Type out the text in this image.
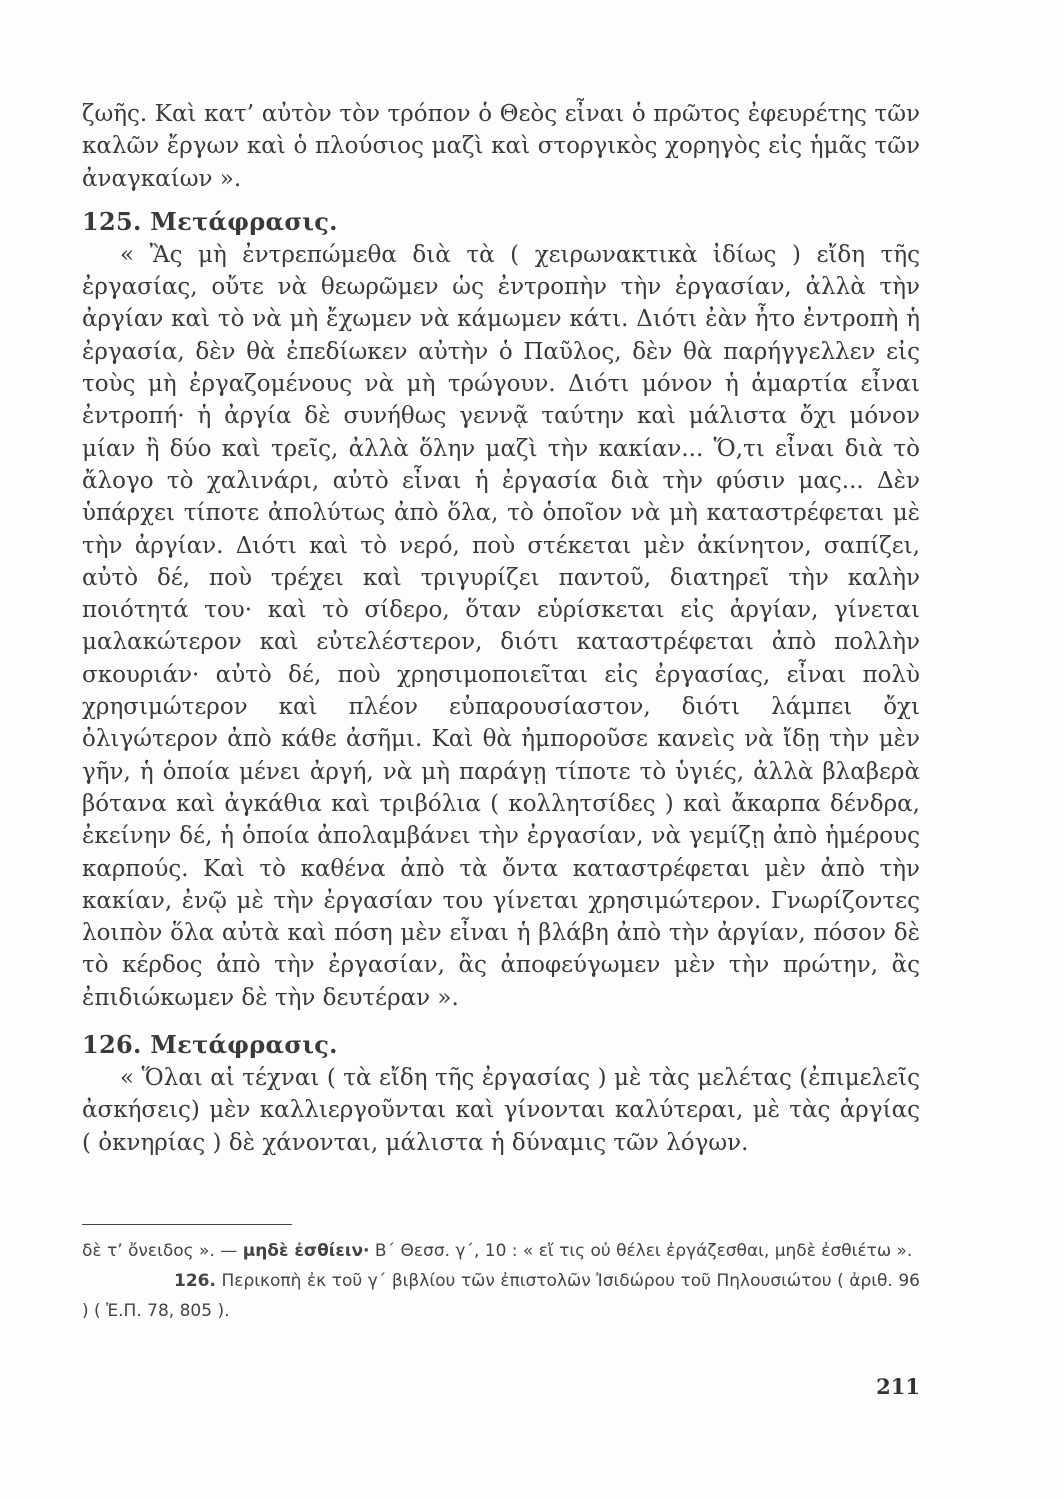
ζωῆς. Καὶ κατ’ αὐτὸν τὸν τρόπον ὁ Θεὸς εἶναι ὁ πρῶτος ἐφευρέτης τῶν καλῶν ἔργων καὶ ὁ πλούσιος μαζὶ καὶ στοργικὸς χορηγὸς εἰς ἡμᾶς τῶν ἀναγκαίων ».

125. Μετάφρασις.

« Ἂς μὴ ἐντρεπώμεθα διὰ τὰ ( χειρωνακτικὰ ἰδίως ) εἴδη τῆς ἐργασίας, οὔτε νὰ θεωρῶμεν ὡς ἐντροπὴν τὴν ἐργασίαν, ἀλλὰ τὴν ἀργίαν καὶ τὸ νὰ μὴ ἔχωμεν νὰ κάμωμεν κάτι. Διότι ἐὰν ἦτο ἐντροπὴ ἡ ἐργασία, δὲν θὰ ἐπεδίωκεν αὐτὴν ὁ Παῦλος, δὲν θὰ παρήγγελλεν εἰς τοὺς μὴ ἐργαζομένους νὰ μὴ τρώγουν. Διότι μόνον ἡ ἁμαρτία εἶναι ἐντροπή· ἡ ἀργία δὲ συνήθως γεννᾷ ταύτην καὶ μάλιστα ὄχι μόνον μίαν ἢ δύο καὶ τρεῖς, ἀλλὰ ὅλην μαζὶ τὴν κακίαν... Ὅ,τι εἶναι διὰ τὸ ἄλογο τὸ χαλινάρι, αὐτὸ εἶναι ἡ ἐργασία διὰ τὴν φύσιν μας... Δὲν ὑπάρχει τίποτε ἀπολύτως ἀπὸ ὅλα, τὸ ὁποῖον νὰ μὴ καταστρέφεται μὲ τὴν ἀργίαν. Διότι καὶ τὸ νερό, ποὺ στέκεται μὲν ἀκίνητον, σαπίζει, αὐτὸ δέ, ποὺ τρέχει καὶ τριγυρίζει παντοῦ, διατηρεῖ τὴν καλὴν ποιότητά του· καὶ τὸ σίδερο, ὅταν εὑρίσκεται εἰς ἀργίαν, γίνεται μαλακώτερον καὶ εὐτελέστερον, διότι καταστρέφεται ἀπὸ πολλὴν σκουριάν· αὐτὸ δέ, ποὺ χρησιμοποιεῖται εἰς ἐργασίας, εἶναι πολὺ χρησιμώτερον καὶ πλέον εὐπαρουσίαστον, διότι λάμπει ὄχι ὀλιγώτερον ἀπὸ κάθε ἀσῆμι. Καὶ θὰ ἠμποροῦσε κανεὶς νὰ ἴδῃ τὴν μὲν γῆν, ἡ ὁποία μένει ἀργή, νὰ μὴ παράγῃ τίποτε τὸ ὑγιές, ἀλλὰ βλαβερὰ βότανα καὶ ἀγκάθια καὶ τριβόλια ( κολλητσίδες ) καὶ ἄκαρπα δένδρα, ἐκείνην δέ, ἡ ὁποία ἀπολαμβάνει τὴν ἐργασίαν, νὰ γεμίζῃ ἀπὸ ἡμέρους καρπούς. Καὶ τὸ καθένα ἀπὸ τὰ ὄντα καταστρέφεται μὲν ἀπὸ τὴν κακίαν, ἐνῷ μὲ τὴν ἐργασίαν του γίνεται χρησιμώτερον. Γνωρίζοντες λοιπὸν ὅλα αὐτὰ καὶ πόση μὲν εἶναι ἡ βλάβη ἀπὸ τὴν ἀργίαν, πόσον δὲ τὸ κέρδος ἀπὸ τὴν ἐργασίαν, ἂς ἀποφεύγωμεν μὲν τὴν πρώτην, ἂς ἐπιδιώκωμεν δὲ τὴν δευτέραν ».

126. Μετάφρασις.

« Ὅλαι αἱ τέχναι ( τὰ εἴδη τῆς ἐργασίας ) μὲ τὰς μελέτας (ἐπιμελεῖς ἀσκήσεις) μὲν καλλιεργοῦνται καὶ γίνονται καλύτεραι, μὲ τὰς ἀργίας ( ὀκνηρίας ) δὲ χάνονται, μάλιστα ἡ δύναμις τῶν λόγων.

δὲ τ’ ὄνειδος ». — μηδὲ ἐσθίειν· Β΄ Θεσσ. γ΄, 10 : « εἴ τις οὐ θέλει ἐργάζεσθαι, μηδὲ ἐσθιέτω ».

126. Περικοπὴ ἐκ τοῦ γ΄ βιβλίου τῶν ἐπιστολῶν Ἰσιδώρου τοῦ Πηλουσιώτου ( ἀριθ. 96 ) ( Ἑ.Π. 78, 805 ).

211
